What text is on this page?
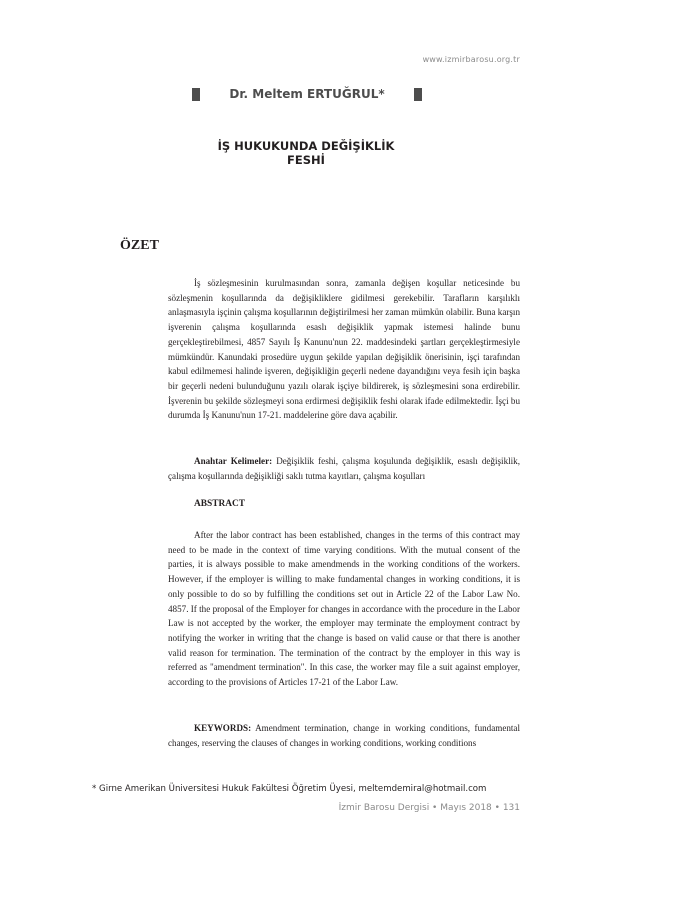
www.izmirbarosu.org.tr
Dr. Meltem ERTUĞRUL*
İŞ HUKUKUNDA DEĞİŞİKLİK FESHİ
ÖZET

İş sözleşmesinin kurulmasından sonra, zamanla değişen koşullar neticesinde bu sözleşmenin koşullarında da değişikliklere gidilmesi gerekebilir. Tarafların karşılıklı anlaşmasıyla işçinin çalışma koşullarının değiştirilmesi her zaman mümkün olabilir. Buna karşın işverenin çalışma koşullarında esaslı değişiklik yapmak istemesi halinde bunu gerçekleştirebilmesi, 4857 Sayılı İş Kanunu'nun 22. maddesindeki şartları gerçekleştirmesiyle mümkündür. Kanundaki prosedüre uygun şekilde yapılan değişiklik önerisinin, işçi tarafından kabul edilmemesi halinde işveren, değişikliğin geçerli nedene dayandığını veya fesih için başka bir geçerli nedeni bulunduğunu yazılı olarak işçiye bildirerek, iş sözleşmesini sona erdirebilir. İşverenin bu şekilde sözleşmeyi sona erdirmesi değişiklik feshi olarak ifade edilmektedir. İşçi bu durumda İş Kanunu'nun 17-21. maddelerine göre dava açabilir.

Anahtar Kelimeler: Değişiklik feshi, çalışma koşulunda değişiklik, esaslı değişiklik, çalışma koşullarında değişikliği saklı tutma kayıtları, çalışma koşulları

ABSTRACT

After the labor contract has been established, changes in the terms of this contract may need to be made in the context of time varying conditions. With the mutual consent of the parties, it is always possible to make amendmends in the working conditions of the workers. However, if the employer is willing to make fundamental changes in working conditions, it is only possible to do so by fulfilling the conditions set out in Article 22 of the Labor Law No. 4857. If the proposal of the Employer for changes in accordance with the procedure in the Labor Law is not accepted by the worker, the employer may terminate the employment contract by notifying the worker in writing that the change is based on valid cause or that there is another valid reason for termination. The termination of the contract by the employer in this way is referred as "amendment termination". In this case, the worker may file a suit against employer, according to the provisions of Articles 17-21 of the Labor Law.

KEYWORDS: Amendment termination, change in working conditions, fundamental changes, reserving the clauses of changes in working conditions, working conditions

* Girne Amerikan Üniversitesi Hukuk Fakültesi Öğretim Üyesi, meltemdemiral@hotmail.com
İzmir Barosu Dergisi • Mayıs 2018 • 131
